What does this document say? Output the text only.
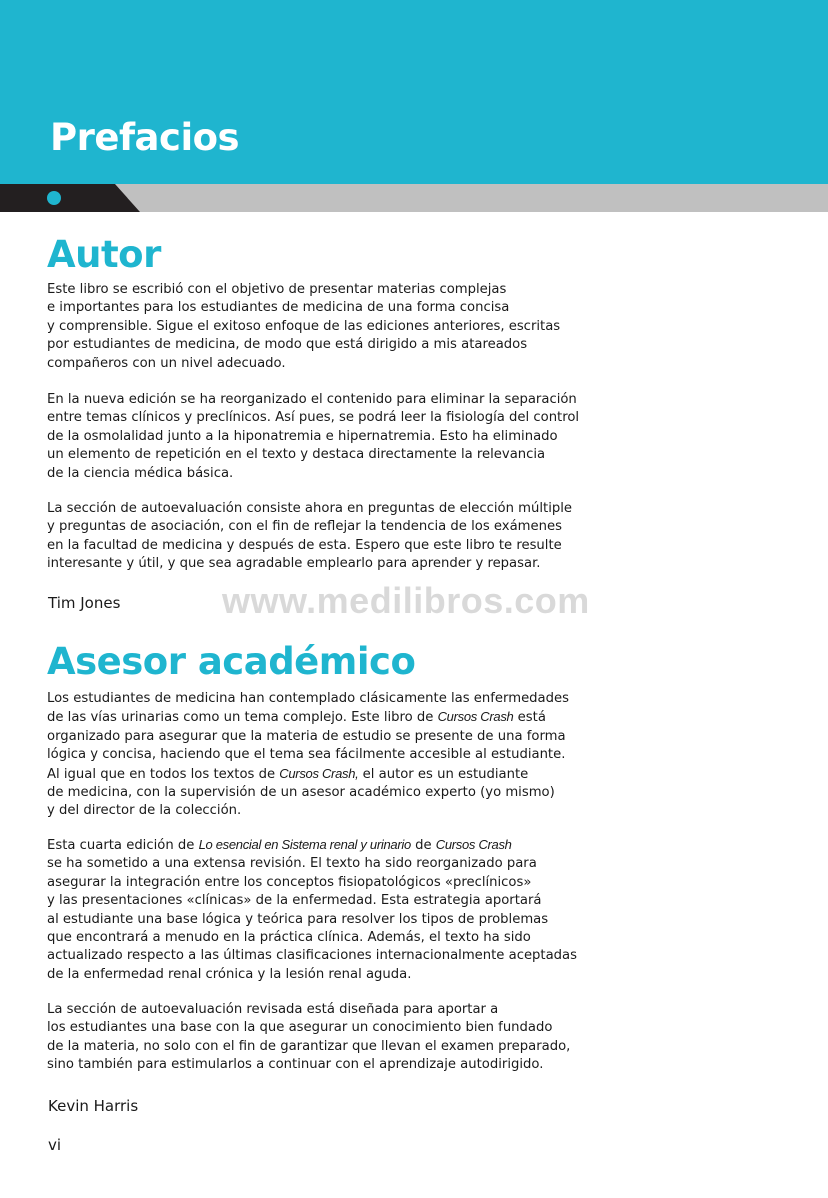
Prefacios
Autor
Este libro se escribió con el objetivo de presentar materias complejas
e importantes para los estudiantes de medicina de una forma concisa
y comprensible. Sigue el exitoso enfoque de las ediciones anteriores, escritas
por estudiantes de medicina, de modo que está dirigido a mis atareados
compañeros con un nivel adecuado.
En la nueva edición se ha reorganizado el contenido para eliminar la separación
entre temas clínicos y preclínicos. Así pues, se podrá leer la fisiología del control
de la osmolalidad junto a la hiponatremia e hipernatremia. Esto ha eliminado
un elemento de repetición en el texto y destaca directamente la relevancia
de la ciencia médica básica.
La sección de autoevaluación consiste ahora en preguntas de elección múltiple
y preguntas de asociación, con el fin de reflejar la tendencia de los exámenes
en la facultad de medicina y después de esta. Espero que este libro te resulte
interesante y útil, y que sea agradable emplearlo para aprender y repasar.
Tim Jones	www.medilibros.com
Asesor académico
Los estudiantes de medicina han contemplado clásicamente las enfermedades
de las vías urinarias como un tema complejo. Este libro de Cursos Crash está
organizado para asegurar que la materia de estudio se presente de una forma
lógica y concisa, haciendo que el tema sea fácilmente accesible al estudiante.
Al igual que en todos los textos de Cursos Crash, el autor es un estudiante
de medicina, con la supervisión de un asesor académico experto (yo mismo)
y del director de la colección.
Esta cuarta edición de Lo esencial en Sistema renal y urinario de Cursos Crash
se ha sometido a una extensa revisión. El texto ha sido reorganizado para
asegurar la integración entre los conceptos fisiopatológicos «preclínicos»
y las presentaciones «clínicas» de la enfermedad. Esta estrategia aportará
al estudiante una base lógica y teórica para resolver los tipos de problemas
que encontrará a menudo en la práctica clínica. Además, el texto ha sido
actualizado respecto a las últimas clasificaciones internacionalmente aceptadas
de la enfermedad renal crónica y la lesión renal aguda.
La sección de autoevaluación revisada está diseñada para aportar a
los estudiantes una base con la que asegurar un conocimiento bien fundado
de la materia, no solo con el fin de garantizar que llevan el examen preparado,
sino también para estimularlos a continuar con el aprendizaje autodirigido.
Kevin Harris
vi
